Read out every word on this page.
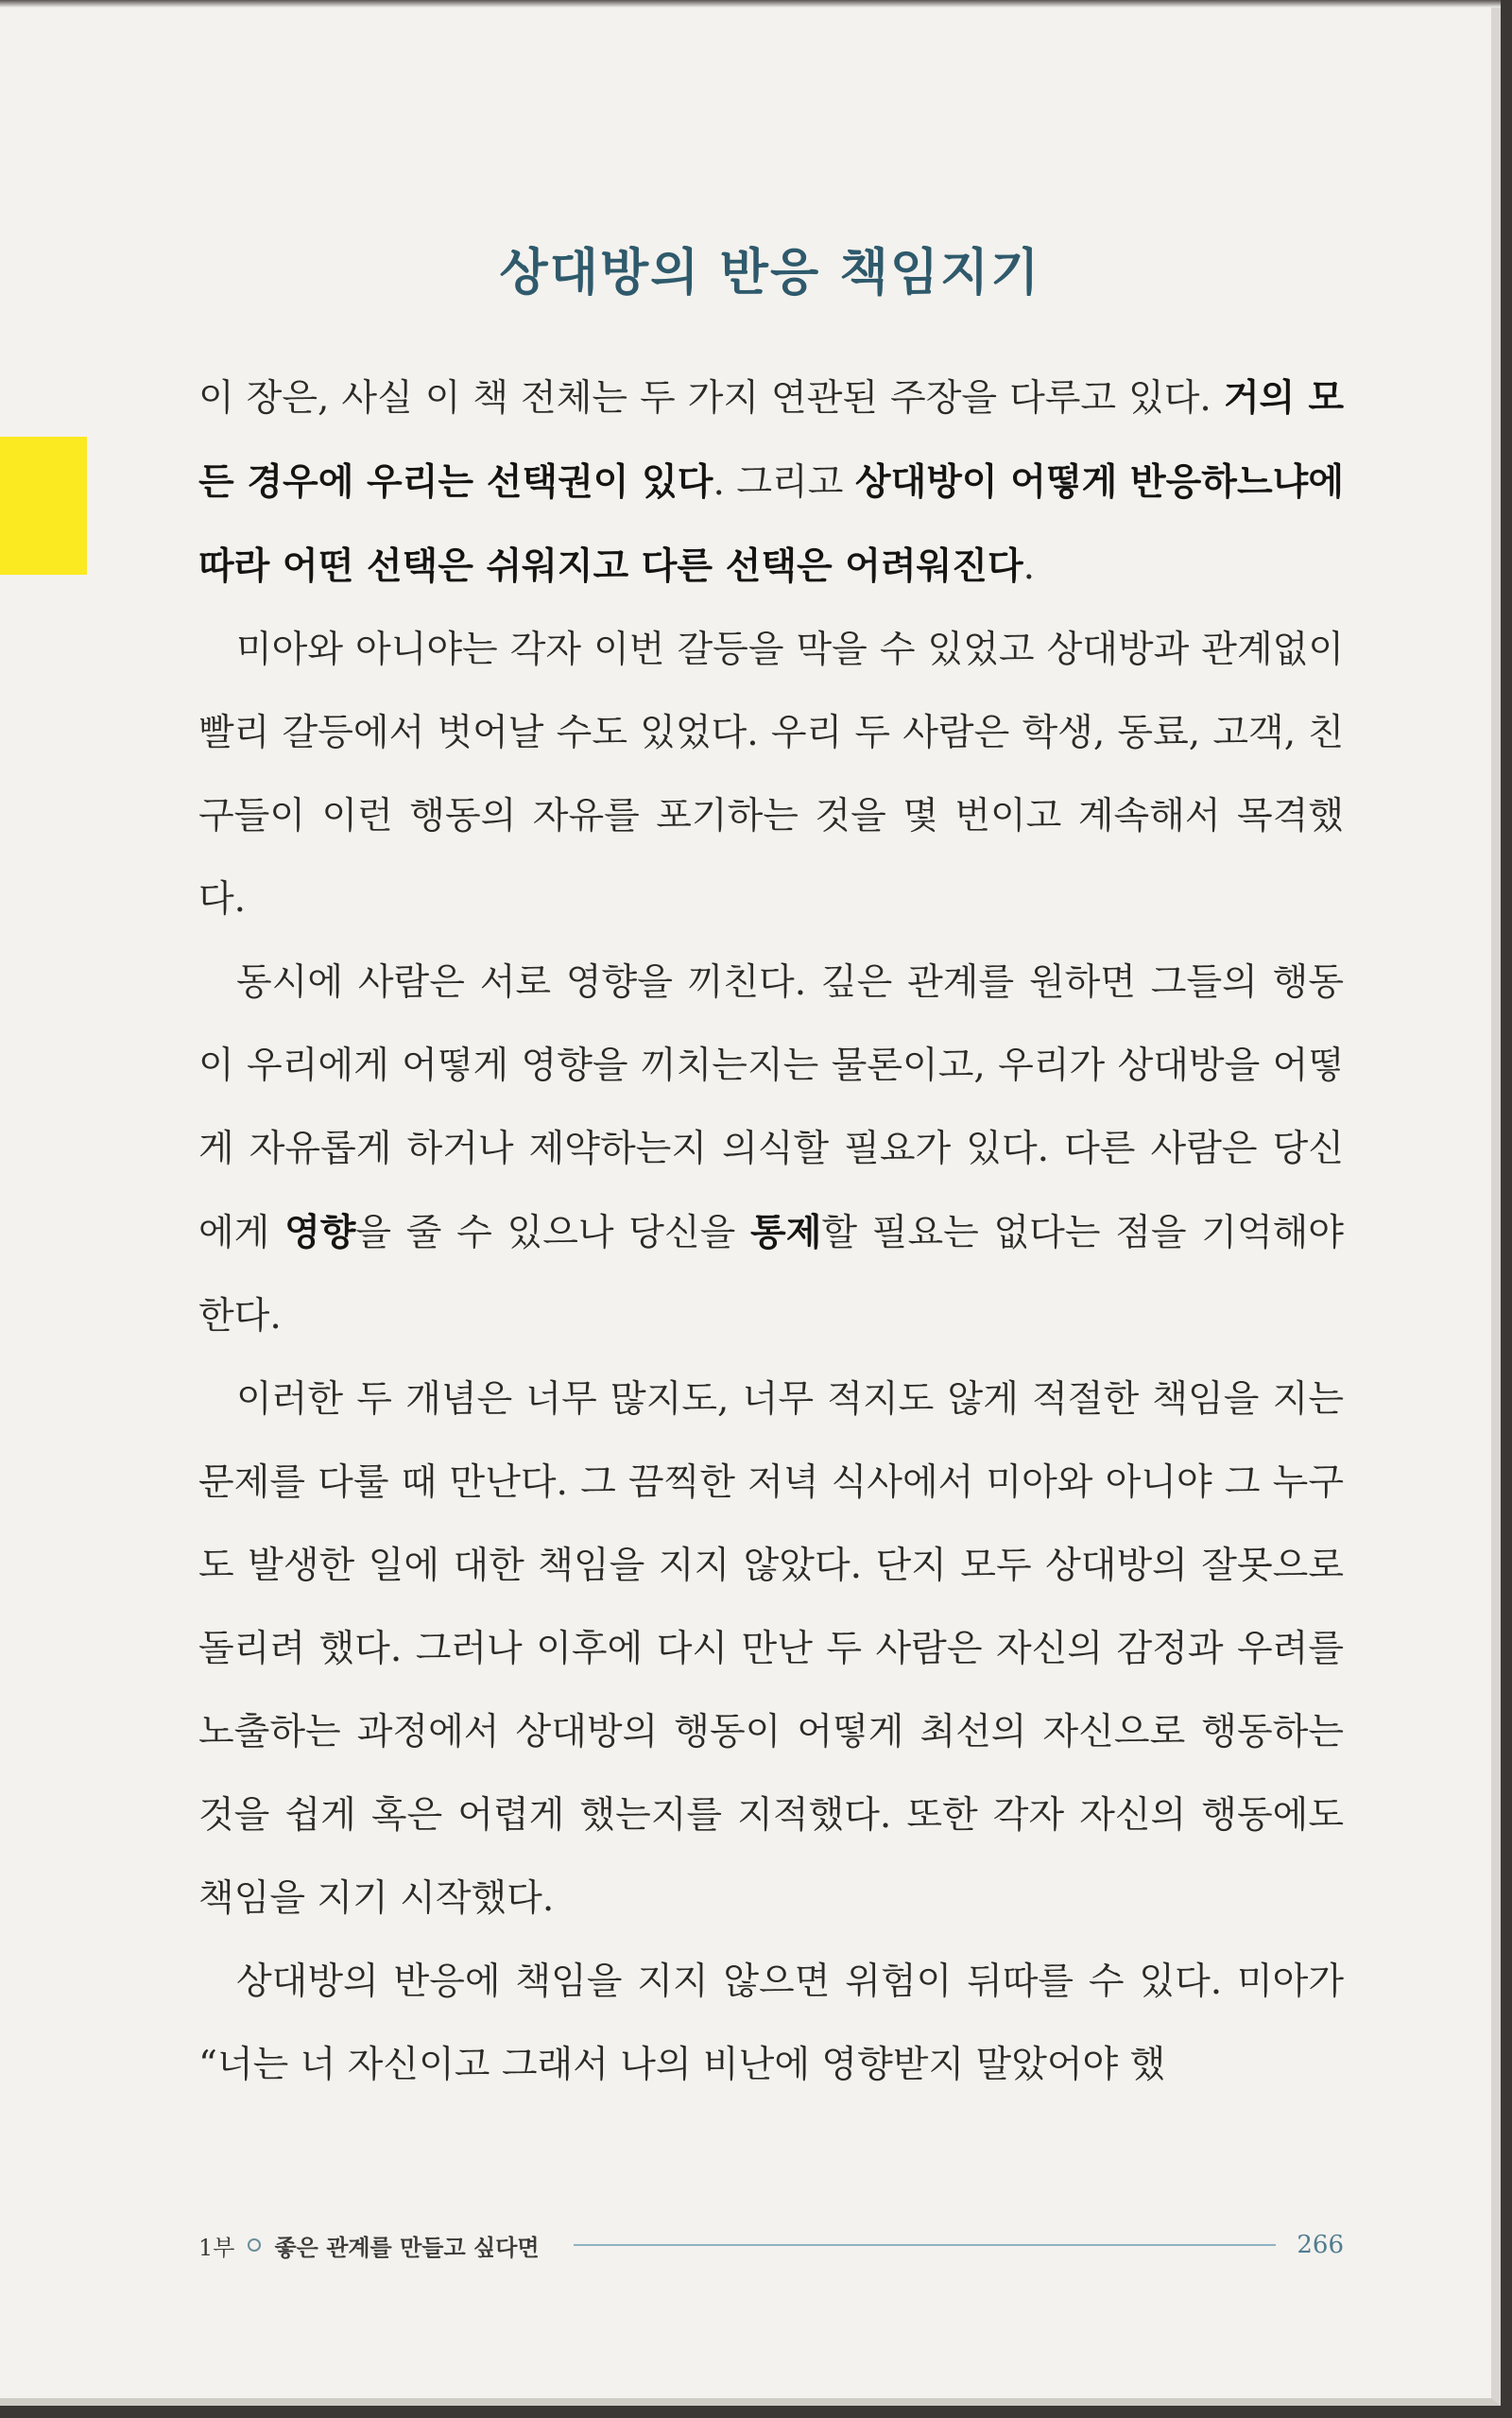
상대방의 반응 책임지기

이 장은, 사실 이 책 전체는 두 가지 연관된 주장을 다루고 있다. 거의 모든 경우에 우리는 선택권이 있다. 그리고 상대방이 어떻게 반응하느냐에 따라 어떤 선택은 쉬워지고 다른 선택은 어려워진다.

미아와 아니야는 각자 이번 갈등을 막을 수 있었고 상대방과 관계없이 빨리 갈등에서 벗어날 수도 있었다. 우리 두 사람은 학생, 동료, 고객, 친구들이 이런 행동의 자유를 포기하는 것을 몇 번이고 계속해서 목격했다.

동시에 사람은 서로 영향을 끼친다. 깊은 관계를 원하면 그들의 행동이 우리에게 어떻게 영향을 끼치는지는 물론이고, 우리가 상대방을 어떻게 자유롭게 하거나 제약하는지 의식할 필요가 있다. 다른 사람은 당신에게 영향을 줄 수 있으나 당신을 통제할 필요는 없다는 점을 기억해야 한다.

이러한 두 개념은 너무 많지도, 너무 적지도 않게 적절한 책임을 지는 문제를 다룰 때 만난다. 그 끔찍한 저녁 식사에서 미아와 아니야 그 누구도 발생한 일에 대한 책임을 지지 않았다. 단지 모두 상대방의 잘못으로 돌리려 했다. 그러나 이후에 다시 만난 두 사람은 자신의 감정과 우려를 노출하는 과정에서 상대방의 행동이 어떻게 최선의 자신으로 행동하는 것을 쉽게 혹은 어렵게 했는지를 지적했다. 또한 각자 자신의 행동에도 책임을 지기 시작했다.

상대방의 반응에 책임을 지지 않으면 위험이 뒤따를 수 있다. 미아가 “너는 너 자신이고 그래서 나의 비난에 영향받지 말았어야 했

1부 좋은 관계를 만들고 싶다면	266
